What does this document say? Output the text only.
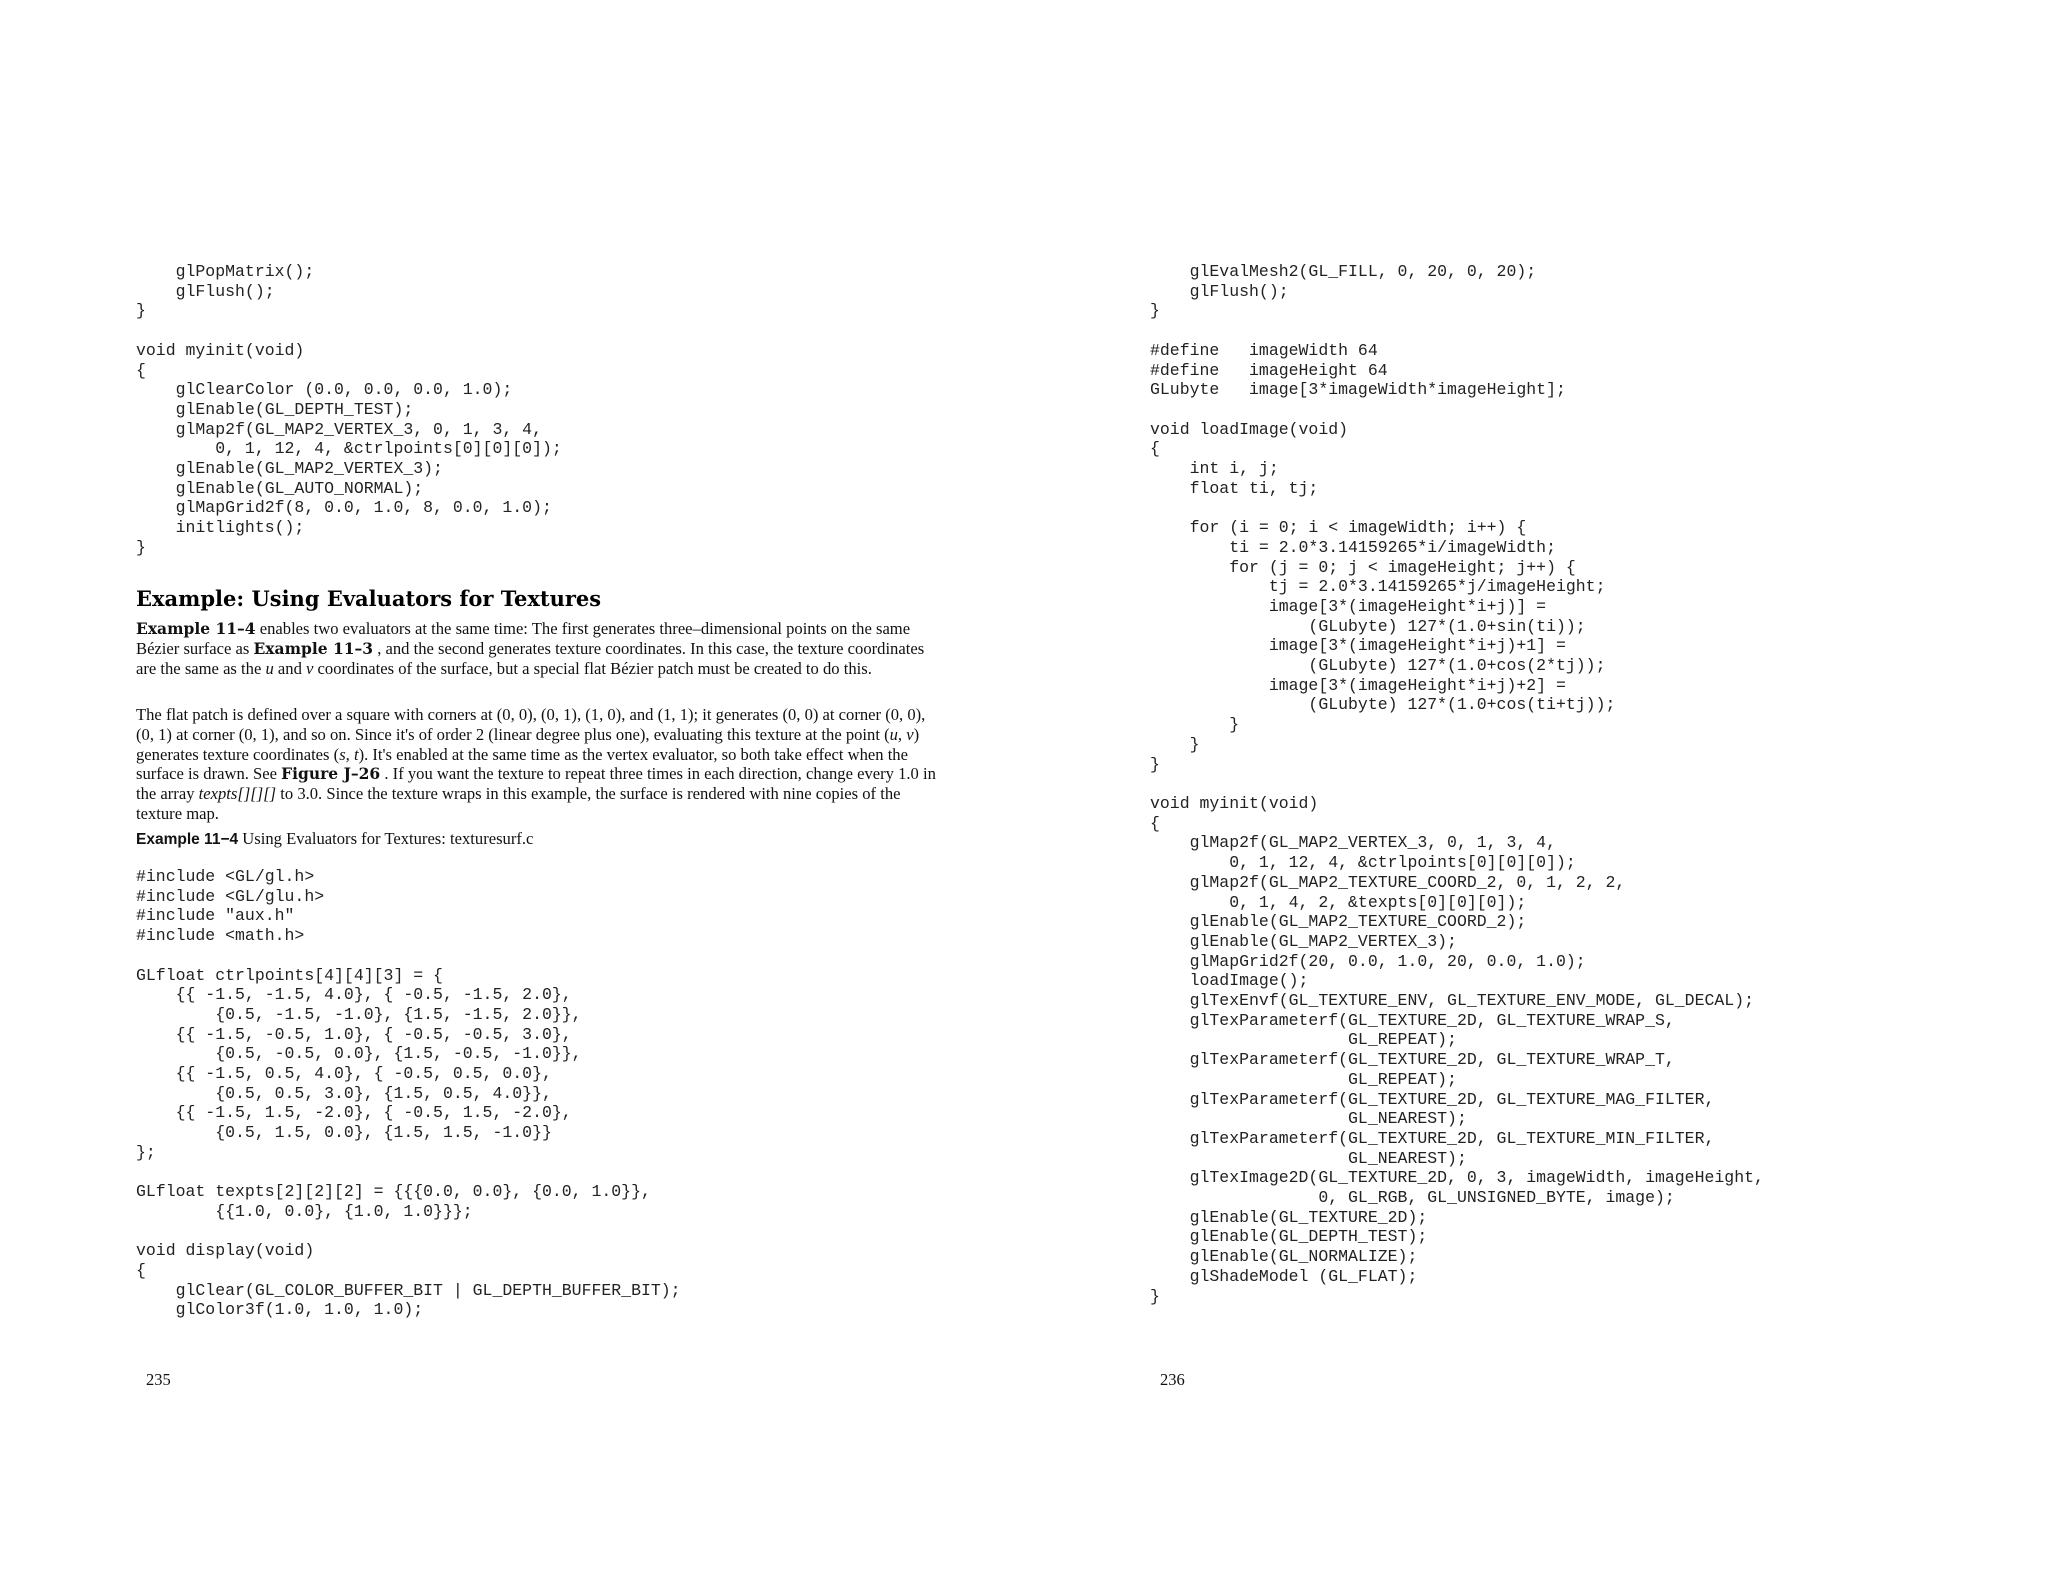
glPopMatrix();
glFlush();
}

void myinit(void)
{
glClearColor (0.0, 0.0, 0.0, 1.0);
glEnable(GL_DEPTH_TEST);
glMap2f(GL_MAP2_VERTEX_3, 0, 1, 3, 4,
0, 1, 12, 4, &ctrlpoints[0][0][0]);
glEnable(GL_MAP2_VERTEX_3);
glEnable(GL_AUTO_NORMAL);
glMapGrid2f(8, 0.0, 1.0, 8, 0.0, 1.0);
initlights();
}
Example: Using Evaluators for Textures

Example 11–4 enables two evaluators at the same time: The first generates three–dimensional points on the same Bézier surface as Example 11–3 , and the second generates texture coordinates. In this case, the texture coordinates are the same as the u and v coordinates of the surface, but a special flat Bézier patch must be created to do this.

The flat patch is defined over a square with corners at (0, 0), (0, 1), (1, 0), and (1, 1); it generates (0, 0) at corner (0, 0), (0, 1) at corner (0, 1), and so on. Since it's of order 2 (linear degree plus one), evaluating this texture at the point (u, v) generates texture coordinates (s, t). It's enabled at the same time as the vertex evaluator, so both take effect when the surface is drawn. See Figure J–26 . If you want the texture to repeat three times in each direction, change every 1.0 in the array texpts[][][] to 3.0. Since the texture wraps in this example, the surface is rendered with nine copies of the texture map.

Example 11−4 Using Evaluators for Textures: texturesurf.c

#include <GL/gl.h>
#include <GL/glu.h>
#include "aux.h"
#include <math.h>

GLfloat ctrlpoints[4][4][3] = {
{{ -1.5, -1.5, 4.0}, { -0.5, -1.5, 2.0},
{0.5, -1.5, -1.0}, {1.5, -1.5, 2.0}},
{{ -1.5, -0.5, 1.0}, { -0.5, -0.5, 3.0},
{0.5, -0.5, 0.0}, {1.5, -0.5, -1.0}},
{{ -1.5, 0.5, 4.0}, { -0.5, 0.5, 0.0},
{0.5, 0.5, 3.0}, {1.5, 0.5, 4.0}},
{{ -1.5, 1.5, -2.0}, { -0.5, 1.5, -2.0},
{0.5, 1.5, 0.0}, {1.5, 1.5, -1.0}}
};

GLfloat texpts[2][2][2] = {{{0.0, 0.0}, {0.0, 1.0}},
{{1.0, 0.0}, {1.0, 1.0}}};

void display(void)
{
glClear(GL_COLOR_BUFFER_BIT | GL_DEPTH_BUFFER_BIT);
glColor3f(1.0, 1.0, 1.0);
235
glEvalMesh2(GL_FILL, 0, 20, 0, 20);
glFlush();
}

#define   imageWidth 64
#define   imageHeight 64
GLubyte   image[3*imageWidth*imageHeight];

void loadImage(void)
{
int i, j;
float ti, tj;

for (i = 0; i < imageWidth; i++) {
ti = 2.0*3.14159265*i/imageWidth;
for (j = 0; j < imageHeight; j++) {
tj = 2.0*3.14159265*j/imageHeight;
image[3*(imageHeight*i+j)] =
(GLubyte) 127*(1.0+sin(ti));
image[3*(imageHeight*i+j)+1] =
(GLubyte) 127*(1.0+cos(2*tj));
image[3*(imageHeight*i+j)+2] =
(GLubyte) 127*(1.0+cos(ti+tj));
}
}
}

void myinit(void)
{
glMap2f(GL_MAP2_VERTEX_3, 0, 1, 3, 4,
0, 1, 12, 4, &ctrlpoints[0][0][0]);
glMap2f(GL_MAP2_TEXTURE_COORD_2, 0, 1, 2, 2,
0, 1, 4, 2, &texpts[0][0][0]);
glEnable(GL_MAP2_TEXTURE_COORD_2);
glEnable(GL_MAP2_VERTEX_3);
glMapGrid2f(20, 0.0, 1.0, 20, 0.0, 1.0);
loadImage();
glTexEnvf(GL_TEXTURE_ENV, GL_TEXTURE_ENV_MODE, GL_DECAL);
glTexParameterf(GL_TEXTURE_2D, GL_TEXTURE_WRAP_S,
GL_REPEAT);
glTexParameterf(GL_TEXTURE_2D, GL_TEXTURE_WRAP_T,
GL_REPEAT);
glTexParameterf(GL_TEXTURE_2D, GL_TEXTURE_MAG_FILTER,
GL_NEAREST);
glTexParameterf(GL_TEXTURE_2D, GL_TEXTURE_MIN_FILTER,
GL_NEAREST);
glTexImage2D(GL_TEXTURE_2D, 0, 3, imageWidth, imageHeight,
0, GL_RGB, GL_UNSIGNED_BYTE, image);
glEnable(GL_TEXTURE_2D);
glEnable(GL_DEPTH_TEST);
glEnable(GL_NORMALIZE);
glShadeModel (GL_FLAT);
}
236
